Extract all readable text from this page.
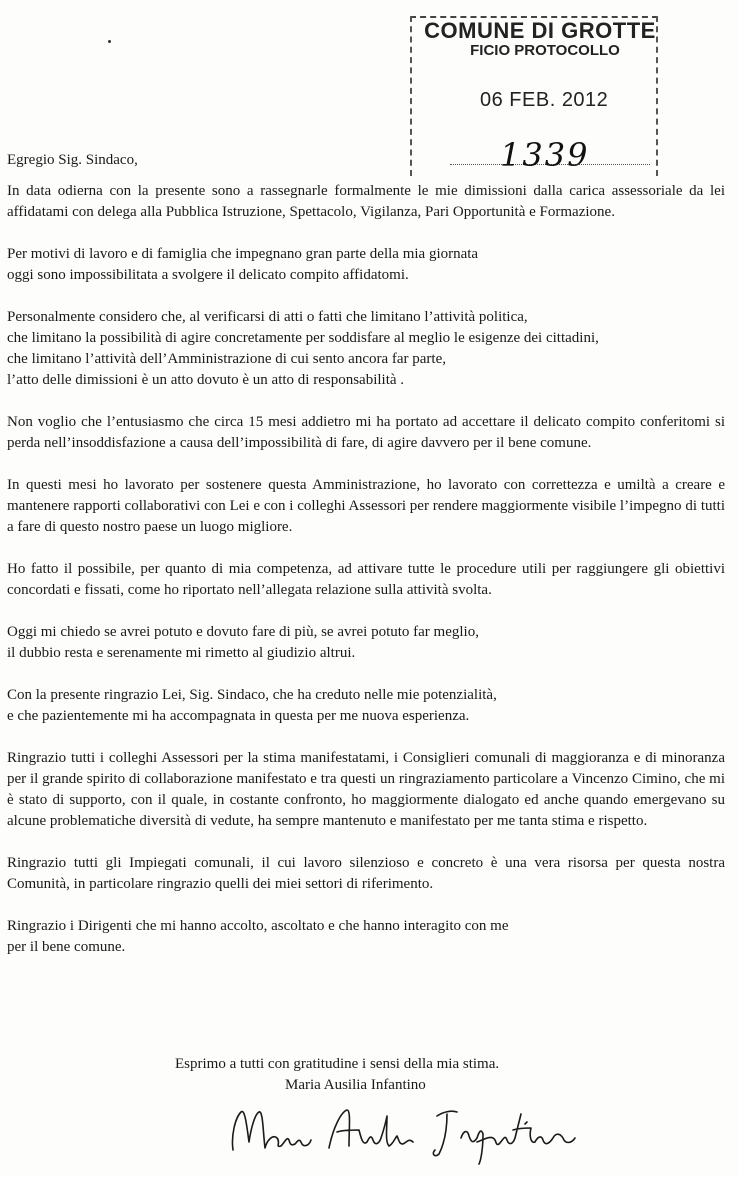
COMUNE DI GROTTE
FICIO PROTOCOLLO
06 FEB. 2012
1339
Egregio Sig. Sindaco,
In data odierna con la presente sono a rassegnarle formalmente le mie dimissioni dalla carica assessoriale da lei affidatami con delega alla Pubblica Istruzione, Spettacolo, Vigilanza, Pari Opportunità e Formazione.
Per motivi di lavoro e di famiglia che impegnano gran parte della mia giornata
oggi sono impossibilitata a svolgere il delicato compito affidatomi.
Personalmente considero che, al verificarsi di atti o fatti che limitano l’attività politica,
che limitano la possibilità di agire concretamente per soddisfare al meglio le esigenze dei cittadini,
che limitano l’attività dell’Amministrazione di cui sento ancora far parte,
l’atto delle dimissioni è un atto dovuto è un atto di responsabilità .
Non voglio che l’entusiasmo che circa 15 mesi addietro mi ha portato ad accettare il delicato compito conferitomi si perda nell’insoddisfazione a causa dell’impossibilità di fare, di agire davvero per il bene comune.
In questi mesi ho lavorato per sostenere questa Amministrazione, ho lavorato con correttezza e umiltà a creare e mantenere rapporti collaborativi con Lei e con i colleghi Assessori per rendere maggiormente visibile l’impegno di tutti a fare di questo nostro paese un luogo migliore.
Ho fatto il possibile, per quanto di mia competenza, ad attivare tutte le procedure utili per raggiungere gli obiettivi concordati e fissati, come ho riportato nell’allegata relazione sulla attività svolta.
Oggi mi chiedo se avrei potuto e dovuto fare di più, se avrei potuto far meglio,
il dubbio resta e serenamente mi rimetto al giudizio altrui.
Con la presente ringrazio Lei, Sig. Sindaco, che ha creduto nelle mie potenzialità,
e che pazientemente mi ha accompagnata in questa per me nuova esperienza.
Ringrazio tutti i colleghi Assessori per la stima manifestatami, i Consiglieri comunali di maggioranza e di minoranza per il grande spirito di collaborazione manifestato e tra questi un ringraziamento particolare a Vincenzo Cimino, che mi è stato di supporto, con il quale, in costante confronto, ho maggiormente dialogato ed anche quando emergevano su alcune problematiche diversità di vedute, ha sempre mantenuto e manifestato per me tanta stima e rispetto.
Ringrazio tutti gli Impiegati comunali, il cui lavoro silenzioso e concreto è una vera risorsa per questa nostra Comunità, in particolare ringrazio quelli dei miei settori di riferimento.
Ringrazio i Dirigenti che mi hanno accolto, ascoltato e che hanno interagito con me
per il bene comune.
Esprimo a tutti con gratitudine i sensi della mia stima.
Maria Ausilia Infantino
